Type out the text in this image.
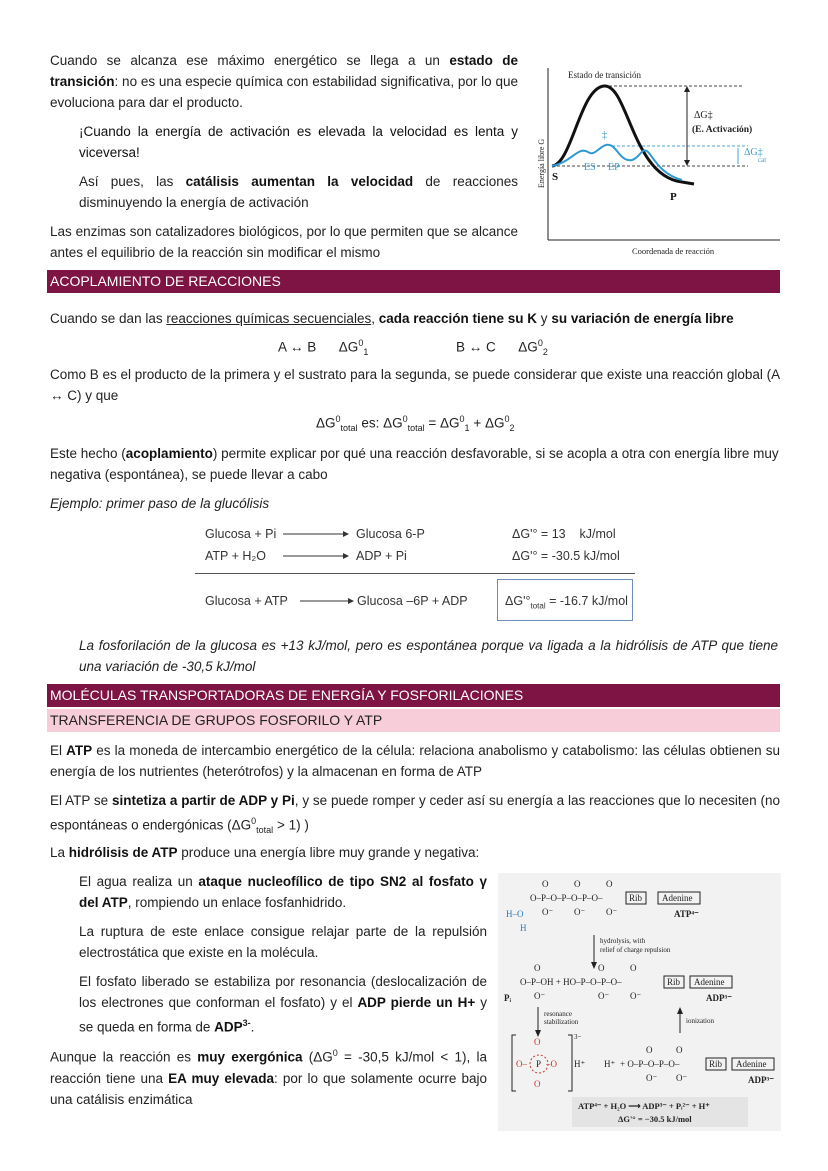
Cuando se alcanza ese máximo energético se llega a un estado de transición: no es una especie química con estabilidad significativa, por lo que evoluciona para dar el producto.

¡Cuando la energía de activación es elevada la velocidad es lenta y viceversa!

Así pues, las catálisis aumentan la velocidad de reacciones disminuyendo la energía de activación

Las enzimas son catalizadores biológicos, por lo que permiten que se alcance antes el equilibrio de la reacción sin modificar el mismo

Estado de transición
Energía libre G
Coordenada de reacción
ΔG‡
(E. Activación)
ΔG‡
cat
‡
ES EP
S
P
ACOPLAMIENTO DE REACCIONES

Cuando se dan las reacciones químicas secuenciales, cada reacción tiene su K y su variación de energía libre

A ↔ B $\Delta G^0_1$	B ↔ C $\Delta G^0_2$

Como B es el producto de la primera y el sustrato para la segunda, se puede considerar que existe una reacción global (A ↔ C) y que

$\Delta G^0_{total}$ es: $\Delta G^0_{total} = \Delta G^0_1 + \Delta G^0_2$

Este hecho (acoplamiento) permite explicar por qué una reacción desfavorable, si se acopla a otra con energía libre muy negativa (espontánea), se puede llevar a cabo

Ejemplo: primer paso de la glucólisis

Glucosa + Pi	Glucosa 6-P	ΔG'° = 13    kJ/mol
ATP + H₂O	ADP + Pi	ΔG'° = -30.5 kJ/mol
Glucosa + ATP	Glucosa –6P + ADP	$\Delta G'^\circ_{total} = -16.7$ kJ/mol

La fosforilación de la glucosa es +13 kJ/mol, pero es espontánea porque va ligada a la hidrólisis de ATP que tiene una variación de -30,5 kJ/mol

MOLÉCULAS TRANSPORTADORAS DE ENERGÍA Y FOSFORILACIONES
TRANSFERENCIA DE GRUPOS FOSFORILO Y ATP

El ATP es la moneda de intercambio energético de la célula: relaciona anabolismo y catabolismo: las células obtienen su energía de los nutrientes (heterótrofos) y la almacenan en forma de ATP

El ATP se sintetiza a partir de ADP y Pi, y se puede romper y ceder así su energía a las reacciones que lo necesiten (no espontáneas o endergónicas $(\Delta G^0_{total} > 1)$ )

La hidrólisis de ATP produce una energía libre muy grande y negativa:

El agua realiza un ataque nucleofílico de tipo SN2 al fosfato γ del ATP, rompiendo un enlace fosfanhidrido.

La ruptura de este enlace consigue relajar parte de la repulsión electrostática que existe en la molécula.

El fosfato liberado se estabiliza por resonancia (deslocalización de los electrones que conforman el fosfato) y el ADP pierde un H+ y se queda en forma de $ADP^{3-}$.

Aunque la reacción es muy exergónica ($\Delta G^0 = -30,5$ kJ/mol < 1), la reacción tiene una EA muy elevada: por lo que solamente ocurre bajo una catálisis enzimática

O–P–O–P–O–P–O–
O	O	O
O⁻ O⁻ O⁻
Rib Adenine
ATP⁴⁻
H–O
H
hydrolysis, with
relief of charge repulsion
O–P–OH + HO–P–O–P–O–
O	O	O
O⁻	O⁻ O⁻
Rib Adenine
ADP³⁻
Pᵢ
resonance
stabilization	ionization
O
O– P –O
O
H⁺
3−
H⁺ + O–P–O–P–O–
O	O
O⁻ O⁻
Rib Adenine
ADP³⁻
ATP⁴⁻ + H₂O ⟶ ADP³⁻ + Pᵢ²⁻ + H⁺
ΔG'° = −30.5 kJ/mol
